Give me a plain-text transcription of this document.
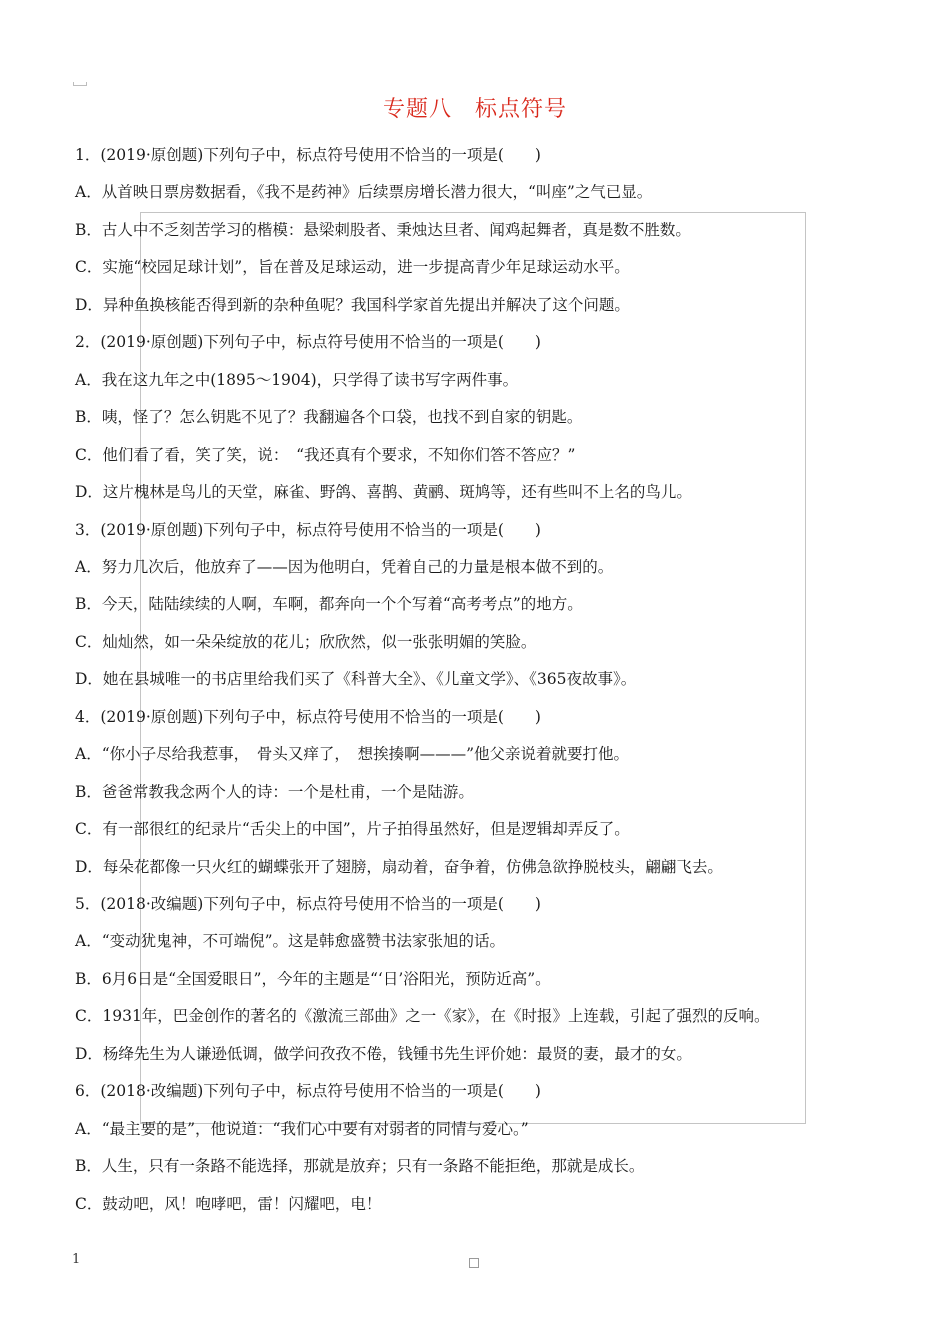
专题八　标点符号
1．(2019·原创题)下列句子中，标点符号使用不恰当的一项是(　　)
A．从首映日票房数据看，《我不是药神》后续票房增长潜力很大，“叫座”之气已显。
B．古人中不乏刻苦学习的楷模：悬梁刺股者、秉烛达旦者、闻鸡起舞者，真是数不胜数。
C．实施“校园足球计划”，旨在普及足球运动，进一步提高青少年足球运动水平。
D．异种鱼换核能否得到新的杂种鱼呢？我国科学家首先提出并解决了这个问题。
2．(2019·原创题)下列句子中，标点符号使用不恰当的一项是(　　)
A．我在这九年之中(1895～1904)，只学得了读书写字两件事。
B．咦，怪了？怎么钥匙不见了？我翻遍各个口袋，也找不到自家的钥匙。
C．他们看了看，笑了笑，说：　“我还真有个要求，不知你们答不答应？”
D．这片槐林是鸟儿的天堂，麻雀、野鸽、喜鹊、黄鹂、斑鸠等，还有些叫不上名的鸟儿。
3．(2019·原创题)下列句子中，标点符号使用不恰当的一项是(　　)
A．努力几次后，他放弃了——因为他明白，凭着自己的力量是根本做不到的。
B．今天，陆陆续续的人啊，车啊，都奔向一个个写着“高考考点”的地方。
C．灿灿然，如一朵朵绽放的花儿；欣欣然，似一张张明媚的笑脸。
D．她在县城唯一的书店里给我们买了《科普大全》、《儿童文学》、《365夜故事》。
4．(2019·原创题)下列句子中，标点符号使用不恰当的一项是(　　)
A．“你小子尽给我惹事，　骨头又痒了，　想挨揍啊———”他父亲说着就要打他。
B．爸爸常教我念两个人的诗：一个是杜甫，一个是陆游。
C．有一部很红的纪录片“舌尖上的中国”，片子拍得虽然好，但是逻辑却弄反了。
D．每朵花都像一只火红的蝴蝶张开了翅膀，扇动着，奋争着，仿佛急欲挣脱枝头，翩翩飞去。
5．(2018·改编题)下列句子中，标点符号使用不恰当的一项是(　　)
A．“变动犹鬼神，不可端倪”。这是韩愈盛赞书法家张旭的话。
B．6月6日是“全国爱眼日”，今年的主题是“‘日’浴阳光，预防近高”。
C．1931年，巴金创作的著名的《激流三部曲》之一《家》，在《时报》上连载，引起了强烈的反响。
D．杨绛先生为人谦逊低调，做学问孜孜不倦，钱锺书先生评价她：最贤的妻，最才的女。
6．(2018·改编题)下列句子中，标点符号使用不恰当的一项是(　　)
A．“最主要的是”，他说道：“我们心中要有对弱者的同情与爱心。”
B．人生，只有一条路不能选择，那就是放弃；只有一条路不能拒绝，那就是成长。
C．鼓动吧，风！咆哮吧，雷！闪耀吧，电！
1
